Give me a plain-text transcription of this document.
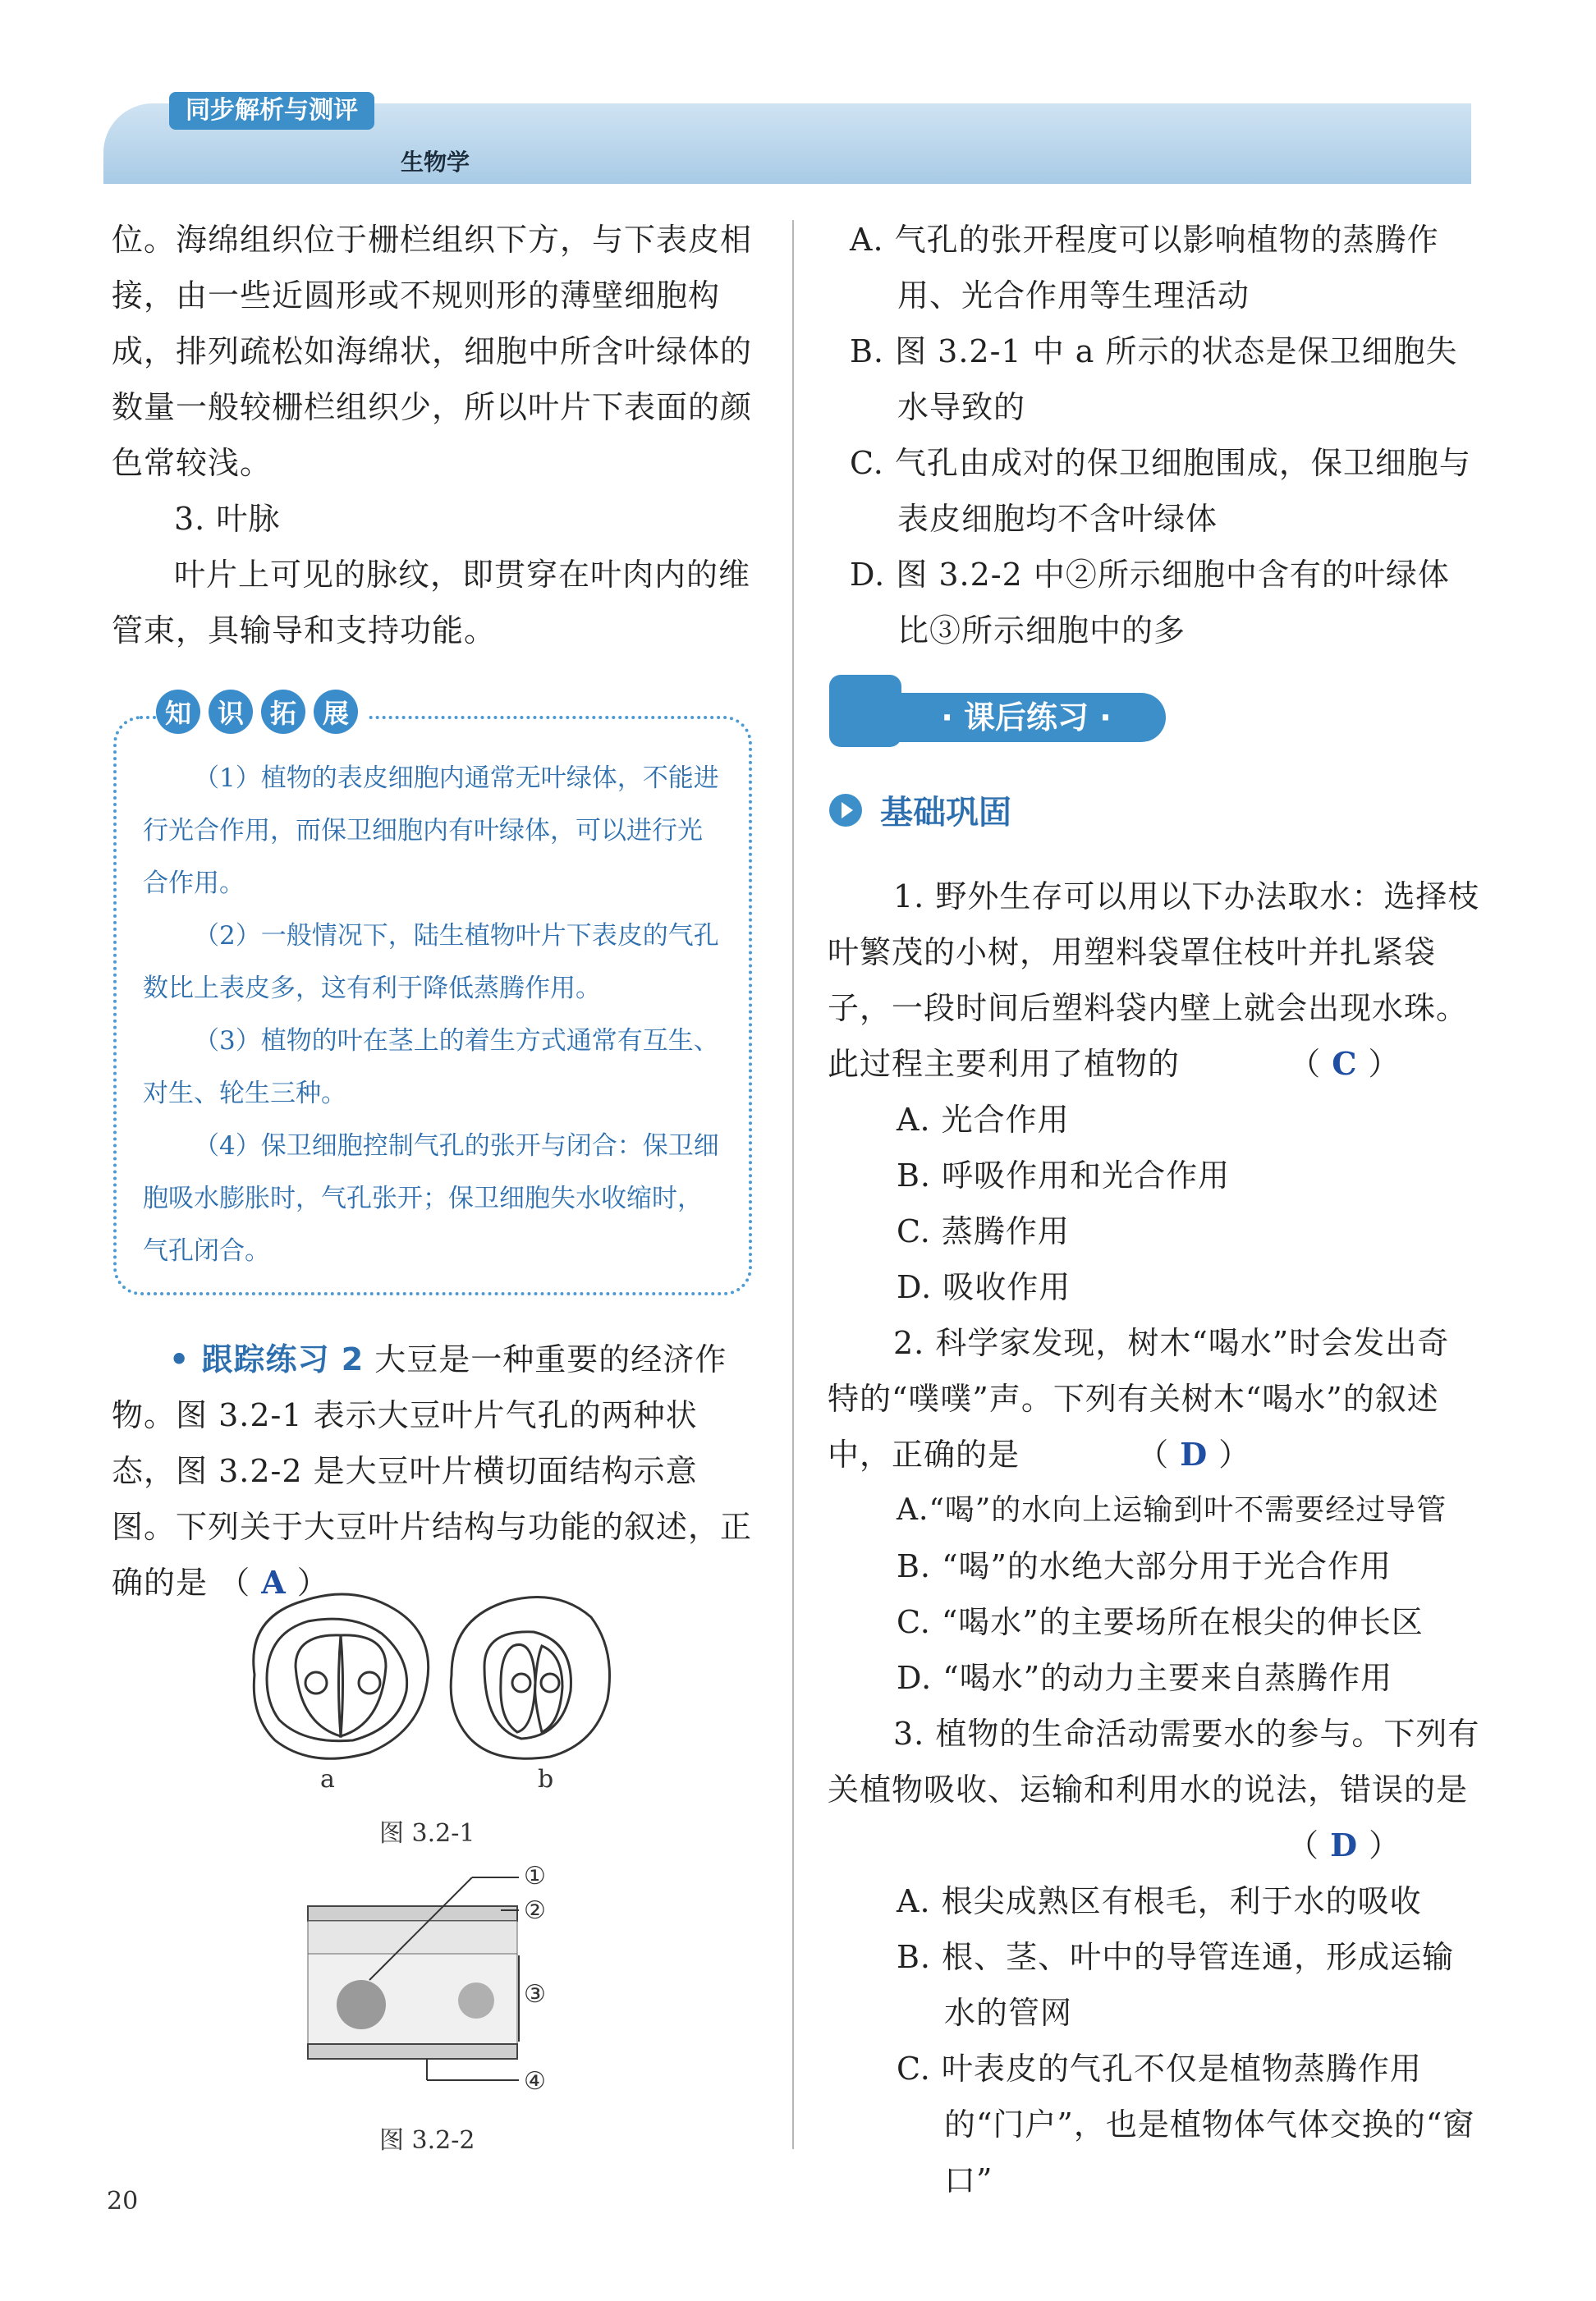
同步解析与测评
生物学
位。海绵组织位于栅栏组织下方，与下表皮相接，由一些近圆形或不规则形的薄壁细胞构成，排列疏松如海绵状，细胞中所含叶绿体的数量一般较栅栏组织少，所以叶片下表面的颜色常较浅。
3. 叶脉
叶片上可见的脉纹，即贯穿在叶肉内的维管束，具输导和支持功能。
知 识 拓 展
（1）植物的表皮细胞内通常无叶绿体，不能进行光合作用，而保卫细胞内有叶绿体，可以进行光合作用。
（2）一般情况下，陆生植物叶片下表皮的气孔数比上表皮多，这有利于降低蒸腾作用。
（3）植物的叶在茎上的着生方式通常有互生、对生、轮生三种。
（4）保卫细胞控制气孔的张开与闭合：保卫细胞吸水膨胀时，气孔张开；保卫细胞失水收缩时，气孔闭合。
• 跟踪练习 2 大豆是一种重要的经济作物。图 3.2-1 表示大豆叶片气孔的两种状态，图 3.2-2 是大豆叶片横切面结构示意图。下列关于大豆叶片结构与功能的叙述，正确的是 （ A ）
a	b
图 3.2-1
①
②
③
④
图 3.2-2
A. 气孔的张开程度可以影响植物的蒸腾作用、光合作用等生理活动
B. 图 3.2-1 中 a 所示的状态是保卫细胞失水导致的
C. 气孔由成对的保卫细胞围成，保卫细胞与表皮细胞均不含叶绿体
D. 图 3.2-2 中②所示细胞中含有的叶绿体比③所示细胞中的多
· 课后练习 ·
基础巩固
1. 野外生存可以用以下办法取水：选择枝叶繁茂的小树，用塑料袋罩住枝叶并扎紧袋子，一段时间后塑料袋内壁上就会出现水珠。此过程主要利用了植物的	（ C ）
A. 光合作用
B. 呼吸作用和光合作用
C. 蒸腾作用
D. 吸收作用
2. 科学家发现，树木“喝水”时会发出奇特的“噗噗”声。下列有关树木“喝水”的叙述中，正确的是	（ D ）
A.“喝”的水向上运输到叶不需要经过导管
B. “喝”的水绝大部分用于光合作用
C. “喝水”的主要场所在根尖的伸长区
D. “喝水”的动力主要来自蒸腾作用
3. 植物的生命活动需要水的参与。下列有关植物吸收、运输和利用水的说法，错误的是 （ D ）
A. 根尖成熟区有根毛，利于水的吸收
B. 根、茎、叶中的导管连通，形成运输水的管网
C. 叶表皮的气孔不仅是植物蒸腾作用的“门户”，也是植物体气体交换的“窗口”
20
